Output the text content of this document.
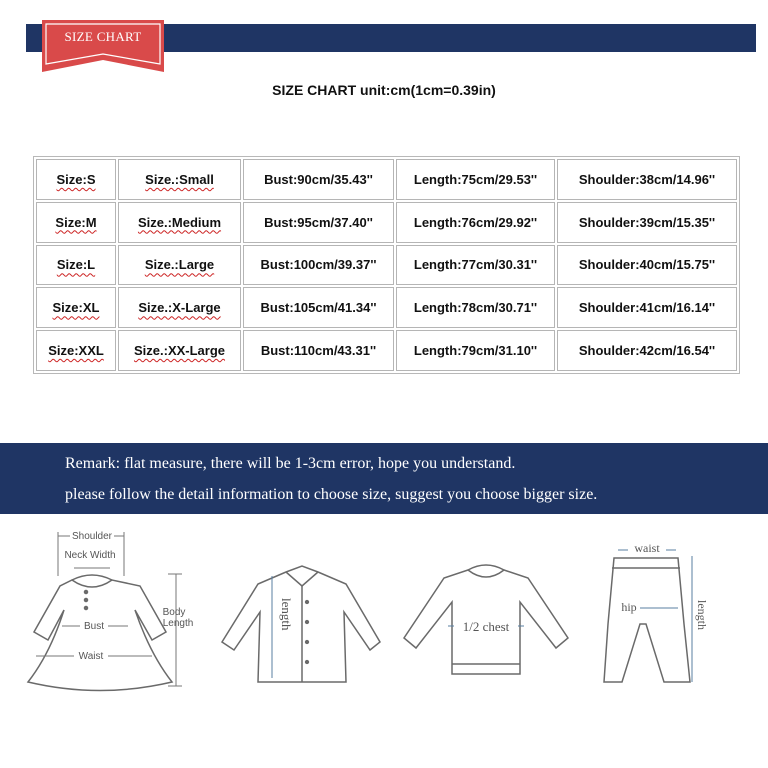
SIZE CHART
SIZE CHART unit:cm(1cm=0.39in)
Size:S	Size.:Small	Bust:90cm/35.43''	Length:75cm/29.53''	Shoulder:38cm/14.96''
Size:M	Size.:Medium	Bust:95cm/37.40''	Length:76cm/29.92''	Shoulder:39cm/15.35''
Size:L	Size.:Large	Bust:100cm/39.37''	Length:77cm/30.31''	Shoulder:40cm/15.75''
Size:XL	Size.:X-Large	Bust:105cm/41.34''	Length:78cm/30.71''	Shoulder:41cm/16.14''
Size:XXL	Size.:XX-Large	Bust:110cm/43.31''	Length:79cm/31.10''	Shoulder:42cm/16.54''
Remark: flat measure, there will be 1-3cm error, hope you understand.
please follow the detail information to choose size, suggest you choose bigger size.
Shoulder
Neck Width
Bust
Waist
Body
Length	length	1/2 chest
waist
hip	length
